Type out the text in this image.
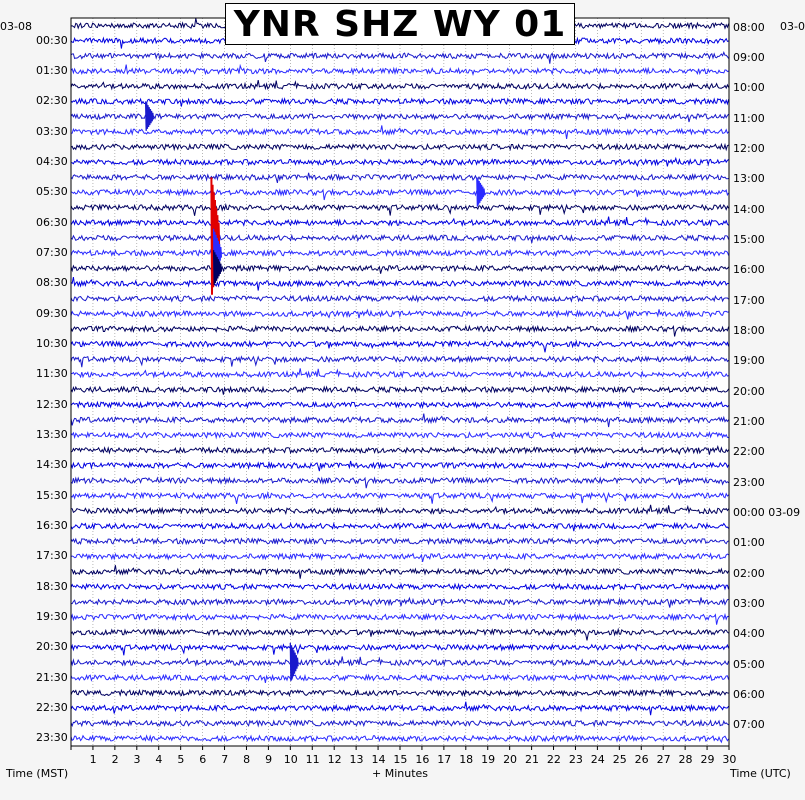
YNR SHZ WY 01
03-08	03-0
Time (MST)	+ Minutes	Time (UTC)
1 2 3 4 5 6 7 8 9 10 11 12 13 14 15 16 17 18 19 20 21 22 23 24 25 26 27 28 29 30
00:30
01:30
02:30
03:30
04:30
05:30
06:30
07:30
08:30
09:30
10:30
11:30
12:30
13:30
14:30
15:30
16:30
17:30
18:30
19:30
20:30
21:30
22:30
23:30
08:00
09:00
10:00
11:00
12:00
13:00
14:00
15:00
16:00
17:00
18:00
19:00
20:00
21:00
22:00
23:00
00:00 03-09
01:00
02:00
03:00
04:00
05:00
06:00
07:00
